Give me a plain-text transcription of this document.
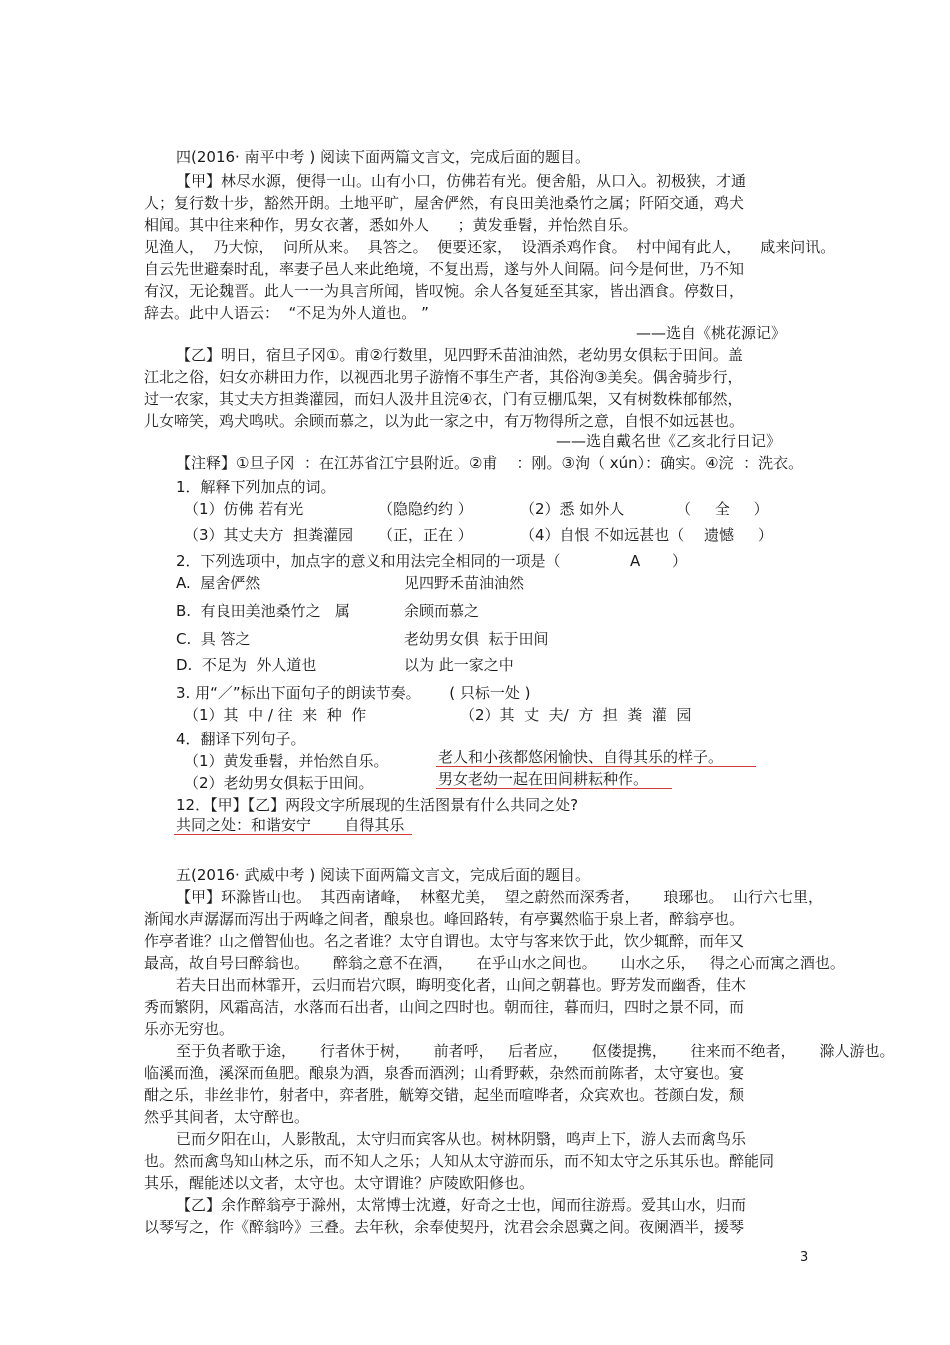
四(2016· 南平中考 ) 阅读下面两篇文言文，完成后面的题目。
【甲】林尽水源，便得一山。山有小口，仿佛若有光。便舍船，从口入。初极狭，才通
人；复行数十步，豁然开朗。土地平旷，屋舍俨然，有良田美池桑竹之属；阡陌交通，鸡犬
相闻。其中往来种作，男女衣著，悉如外人      ；黄发垂髫，并怡然自乐。
见渔人，  乃大惊，  问所从来。  具答之。  便要还家，  设酒杀鸡作食。  村中闻有此人，    咸来问讯。
自云先世避秦时乱，率妻子邑人来此绝境，不复出焉，遂与外人间隔。问今是何世，乃不知
有汉，无论魏晋。此人一一为具言所闻，皆叹惋。余人各复延至其家，皆出酒食。停数日，
辞去。此中人语云：  “不足为外人道也。 ”
——选自《桃花源记》
【乙】明日，宿旦子冈①。甫②行数里，见四野禾苗油油然，老幼男女俱耘于田间。盖
江北之俗，妇女亦耕田力作，以视西北男子游惰不事生产者，其俗洵③美矣。偶舍骑步行，
过一农家，其丈夫方担粪灌园，而妇人汲井且浣④衣，门有豆棚瓜架，又有树数株郁郁然，
儿女啼笑，鸡犬鸣吠。余顾而慕之，以为此一家之中，有万物得所之意，自恨不如远甚也。
——选自戴名世《乙亥北行日记》
【注释】①旦子冈  ：在江苏省江宁县附近。②甫    ：刚。③洵（ xún）：确实。④浣  ：洗衣。
1．解释下列加点的词。
（1）仿佛 若有光	（隐隐约约 ）	（2）悉 如外人	（     全     ）
（3）其丈夫方  担粪灌园 （正，正在 ）	（4）自恨 不如远甚也（ 遗憾     ）
2．下列选项中，加点字的意义和用法完全相同的一项是（	A ）
A.  屋舍俨然	见四野禾苗油油然
B.  有良田美池桑竹之   属	余顾而慕之
C.  具 答之	老幼男女俱  耘于田间
D.  不足为  外人道也	以为 此一家之中
3. 用“／”标出下面句子的朗读节奏。      ( 只标一处 )
（1）其  中 / 往  来  种  作	（2）其  丈  夫/  方  担  粪  灌  园
4．翻译下列句子。
（1）黄发垂髫，并怡然自乐。	老人和小孩都悠闲愉快、自得其乐的样子。
（2）老幼男女俱耘于田间。	男女老幼一起在田间耕耘种作。
12．【甲】【乙】两段文字所展现的生活图景有什么共同之处?
共同之处：和谐安宁       自得其乐
五(2016· 武威中考 ) 阅读下面两篇文言文，完成后面的题目。
【甲】环滁皆山也。  其西南诸峰，  林壑尤美，  望之蔚然而深秀者，     琅琊也。  山行六七里，
渐闻水声潺潺而泻出于两峰之间者，酿泉也。峰回路转，有亭翼然临于泉上者，醉翁亭也。
作亭者谁？山之僧智仙也。名之者谁？太守自谓也。太守与客来饮于此，饮少辄醉，而年又
最高，故自号曰醉翁也。     醉翁之意不在酒，     在乎山水之间也。     山水之乐，   得之心而寓之酒也。
若夫日出而林霏开，云归而岩穴暝，晦明变化者，山间之朝暮也。野芳发而幽香，佳木
秀而繁阴，风霜高洁，水落而石出者，山间之四时也。朝而往，暮而归，四时之景不同，而
乐亦无穷也。
至于负者歌于途，     行者休于树，     前者呼，   后者应，     伛偻提携，     往来而不绝者，     滁人游也。
临溪而渔，溪深而鱼肥。酿泉为酒，泉香而酒洌；山肴野蔌，杂然而前陈者，太守宴也。宴
酣之乐，非丝非竹，射者中，弈者胜，觥筹交错，起坐而喧哗者，众宾欢也。苍颜白发，颓
然乎其间者，太守醉也。
已而夕阳在山，人影散乱，太守归而宾客从也。树林阴翳，鸣声上下，游人去而禽鸟乐
也。然而禽鸟知山林之乐，而不知人之乐；人知从太守游而乐，而不知太守之乐其乐也。醉能同
其乐，醒能述以文者，太守也。太守谓谁？庐陵欧阳修也。
【乙】余作醉翁亭于滁州，太常博士沈遵，好奇之士也，闻而往游焉。爱其山水，归而
以琴写之，作《醉翁吟》三叠。去年秋，余奉使契丹，沈君会余恩冀之间。夜阑酒半，援琴
3
